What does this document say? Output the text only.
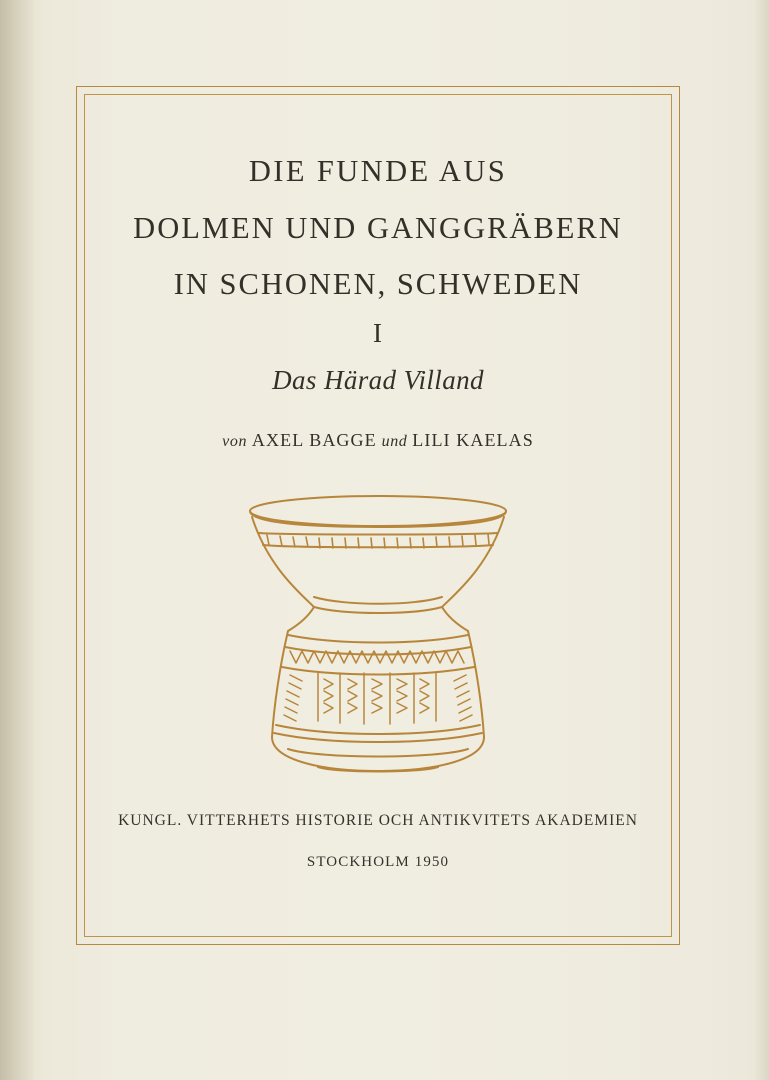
DIE FUNDE AUS
DOLMEN UND GANGGRÄBERN
IN SCHONEN, SCHWEDEN
I
Das Härad Villand
von AXEL BAGGE und LILI KAELAS
KUNGL. VITTERHETS HISTORIE OCH ANTIKVITETS AKADEMIEN
STOCKHOLM 1950
